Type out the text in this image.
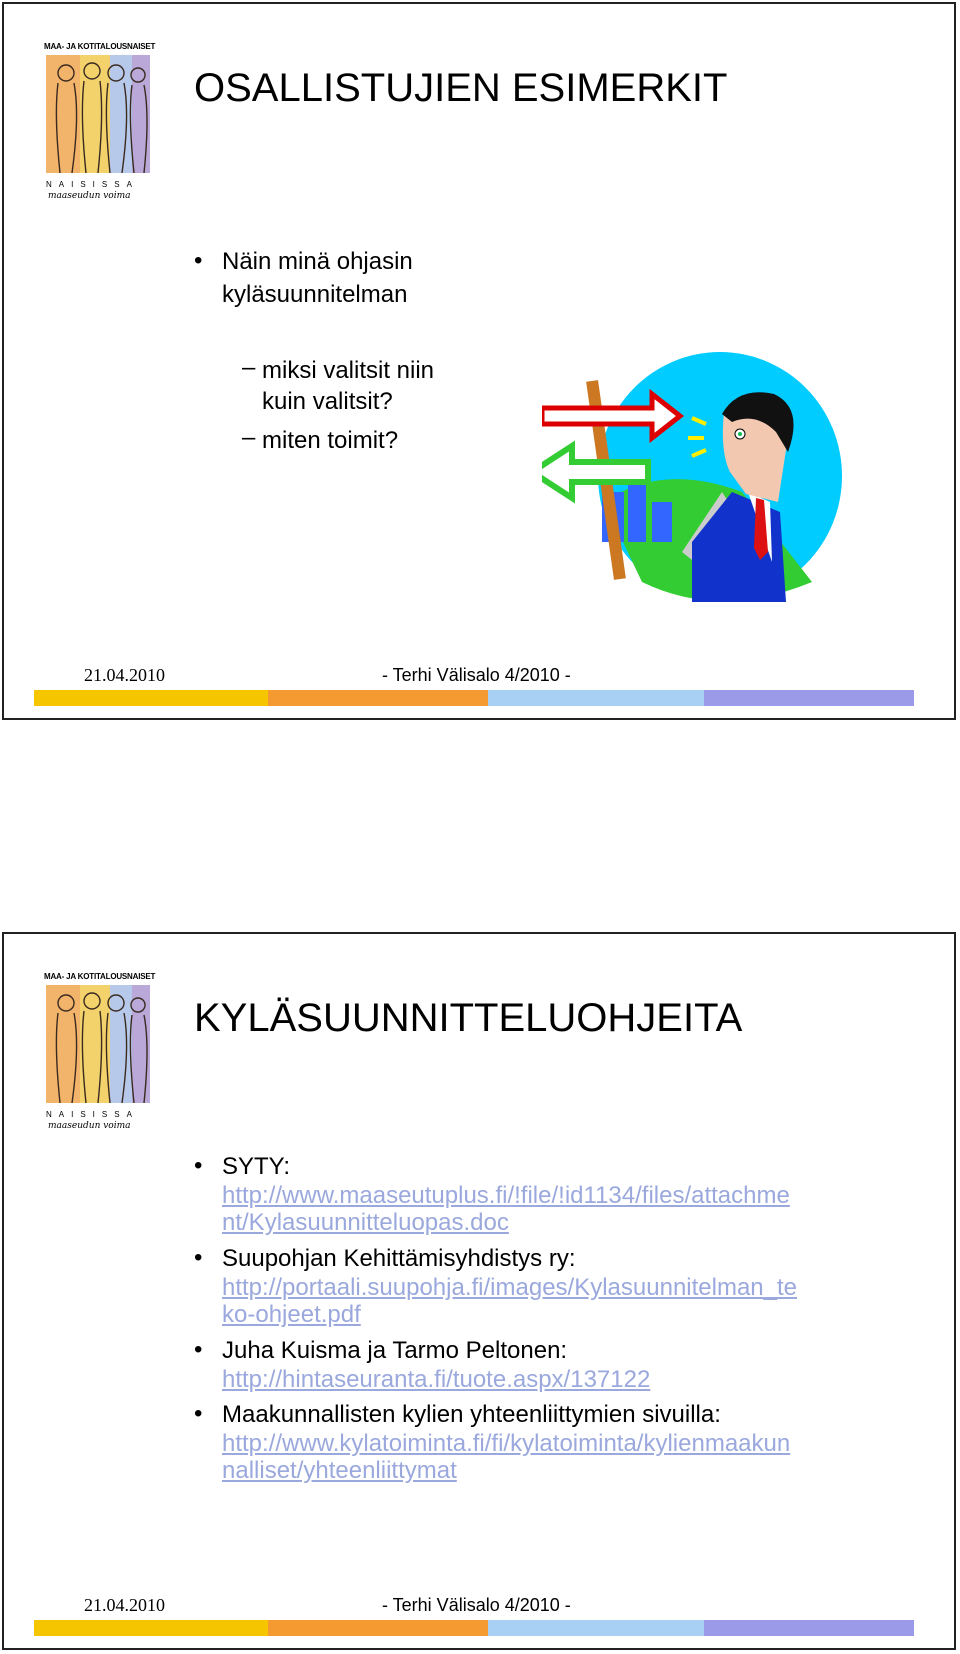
MAA- JA KOTITALOUSNAISET
NAISISSA
maaseudun voima
OSALLISTUJIEN ESIMERKIT
• Näin minä ohjasin
kyläsuunnitelman
– miksi valitsit niin
kuin valitsit?
– miten toimit?
21.04.2010	- Terhi Välisalo 4/2010 -
MAA- JA KOTITALOUSNAISET
NAISISSA
maaseudun voima
KYLÄSUUNNITTELUOHJEITA
• SYTY:
http://www.maaseutuplus.fi/!file/!id1134/files/attachme
nt/Kylasuunnitteluopas.doc
• Suupohjan Kehittämisyhdistys ry:
http://portaali.suupohja.fi/images/Kylasuunnitelman_te
ko-ohjeet.pdf
• Juha Kuisma ja Tarmo Peltonen:
http://hintaseuranta.fi/tuote.aspx/137122
• Maakunnallisten kylien yhteenliittymien sivuilla:
http://www.kylatoiminta.fi/fi/kylatoiminta/kylienmaakun
nalliset/yhteenliittymat
21.04.2010	- Terhi Välisalo 4/2010 -
